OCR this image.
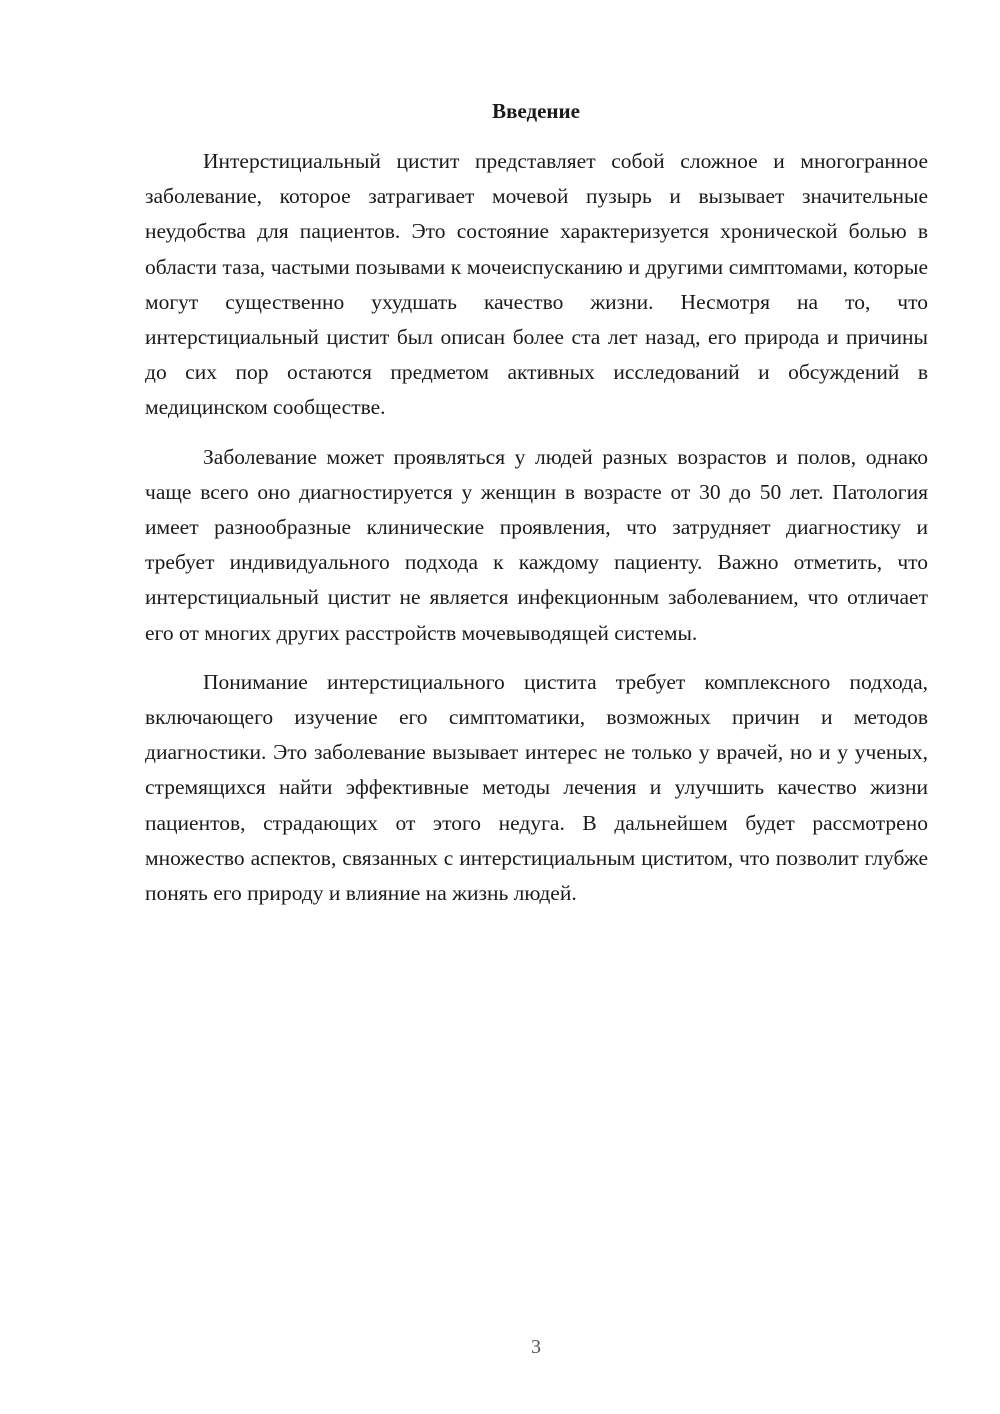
Введение

Интерстициальный цистит представляет собой сложное и многогранное заболевание, которое затрагивает мочевой пузырь и вызывает значительные неудобства для пациентов. Это состояние характеризуется хронической болью в области таза, частыми позывами к мочеиспусканию и другими симптомами, которые могут существенно ухудшать качество жизни. Несмотря на то, что интерстициальный цистит был описан более ста лет назад, его природа и причины до сих пор остаются предметом активных исследований и обсуждений в медицинском сообществе.

Заболевание может проявляться у людей разных возрастов и полов, однако чаще всего оно диагностируется у женщин в возрасте от 30 до 50 лет. Патология имеет разнообразные клинические проявления, что затрудняет диагностику и требует индивидуального подхода к каждому пациенту. Важно отметить, что интерстициальный цистит не является инфекционным заболеванием, что отличает его от многих других расстройств мочевыводящей системы.

Понимание интерстициального цистита требует комплексного подхода, включающего изучение его симптоматики, возможных причин и методов диагностики. Это заболевание вызывает интерес не только у врачей, но и у ученых, стремящихся найти эффективные методы лечения и улучшить качество жизни пациентов, страдающих от этого недуга. В дальнейшем будет рассмотрено множество аспектов, связанных с интерстициальным циститом, что позволит глубже понять его природу и влияние на жизнь людей.

3
